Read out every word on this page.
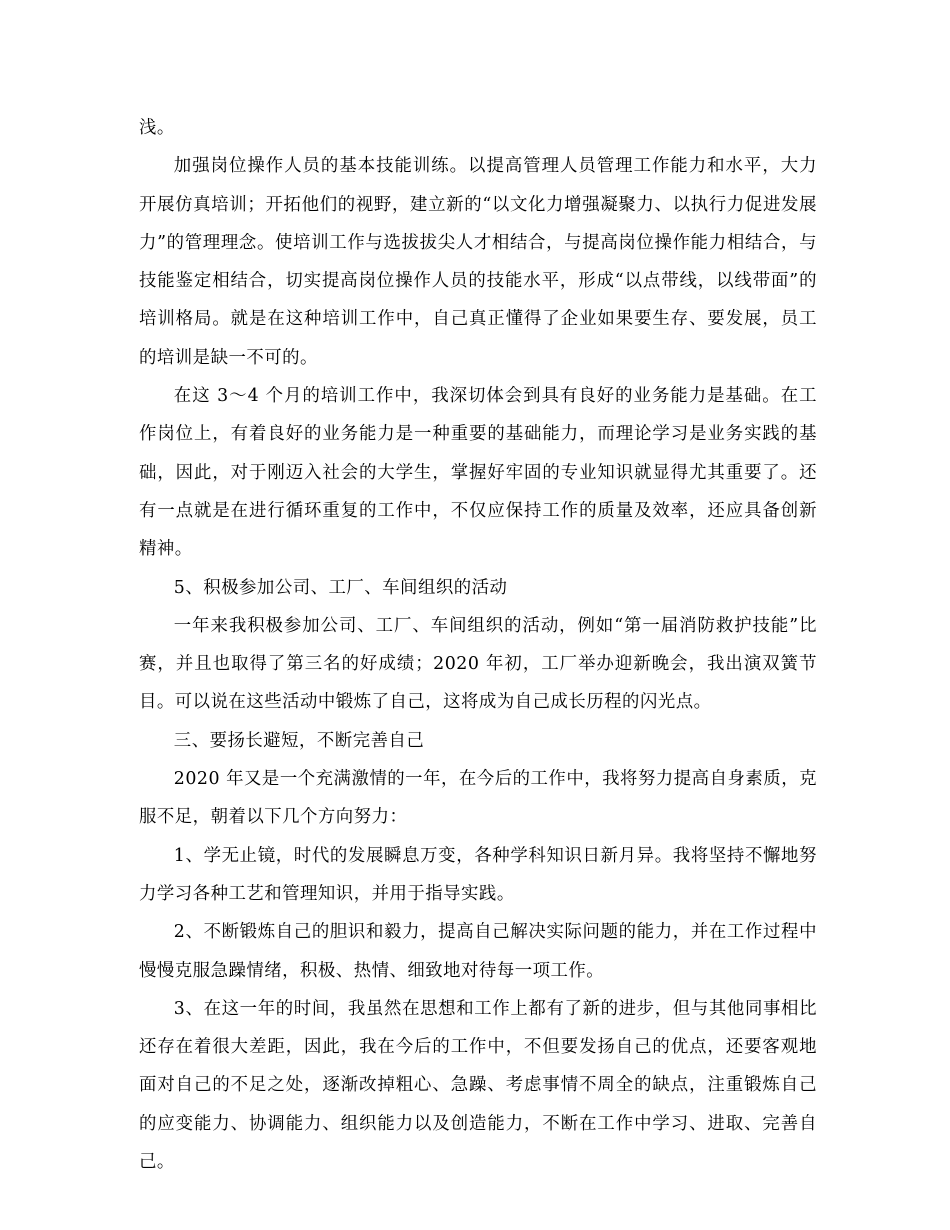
浅。

加强岗位操作人员的基本技能训练。以提高管理人员管理工作能力和水平，大力开展仿真培训；开拓他们的视野，建立新的“以文化力增强凝聚力、以执行力促进发展力”的管理理念。使培训工作与选拔拔尖人才相结合，与提高岗位操作能力相结合，与技能鉴定相结合，切实提高岗位操作人员的技能水平，形成“以点带线，以线带面”的培训格局。就是在这种培训工作中，自己真正懂得了企业如果要生存、要发展，员工的培训是缺一不可的。

在这 3～4 个月的培训工作中，我深切体会到具有良好的业务能力是基础。在工作岗位上，有着良好的业务能力是一种重要的基础能力，而理论学习是业务实践的基础，因此，对于刚迈入社会的大学生，掌握好牢固的专业知识就显得尤其重要了。还有一点就是在进行循环重复的工作中，不仅应保持工作的质量及效率，还应具备创新精神。

5、积极参加公司、工厂、车间组织的活动

一年来我积极参加公司、工厂、车间组织的活动，例如“第一届消防救护技能”比赛，并且也取得了第三名的好成绩；2020 年初，工厂举办迎新晚会，我出演双簧节目。可以说在这些活动中锻炼了自己，这将成为自己成长历程的闪光点。

三、要扬长避短，不断完善自己

2020 年又是一个充满激情的一年，在今后的工作中，我将努力提高自身素质，克服不足，朝着以下几个方向努力：

1、学无止镜，时代的发展瞬息万变，各种学科知识日新月异。我将坚持不懈地努力学习各种工艺和管理知识，并用于指导实践。

2、不断锻炼自己的胆识和毅力，提高自己解决实际问题的能力，并在工作过程中慢慢克服急躁情绪，积极、热情、细致地对待每一项工作。

3、在这一年的时间，我虽然在思想和工作上都有了新的进步，但与其他同事相比还存在着很大差距，因此，我在今后的工作中，不但要发扬自己的优点，还要客观地面对自己的不足之处，逐渐改掉粗心、急躁、考虑事情不周全的缺点，注重锻炼自己的应变能力、协调能力、组织能力以及创造能力，不断在工作中学习、进取、完善自己。
